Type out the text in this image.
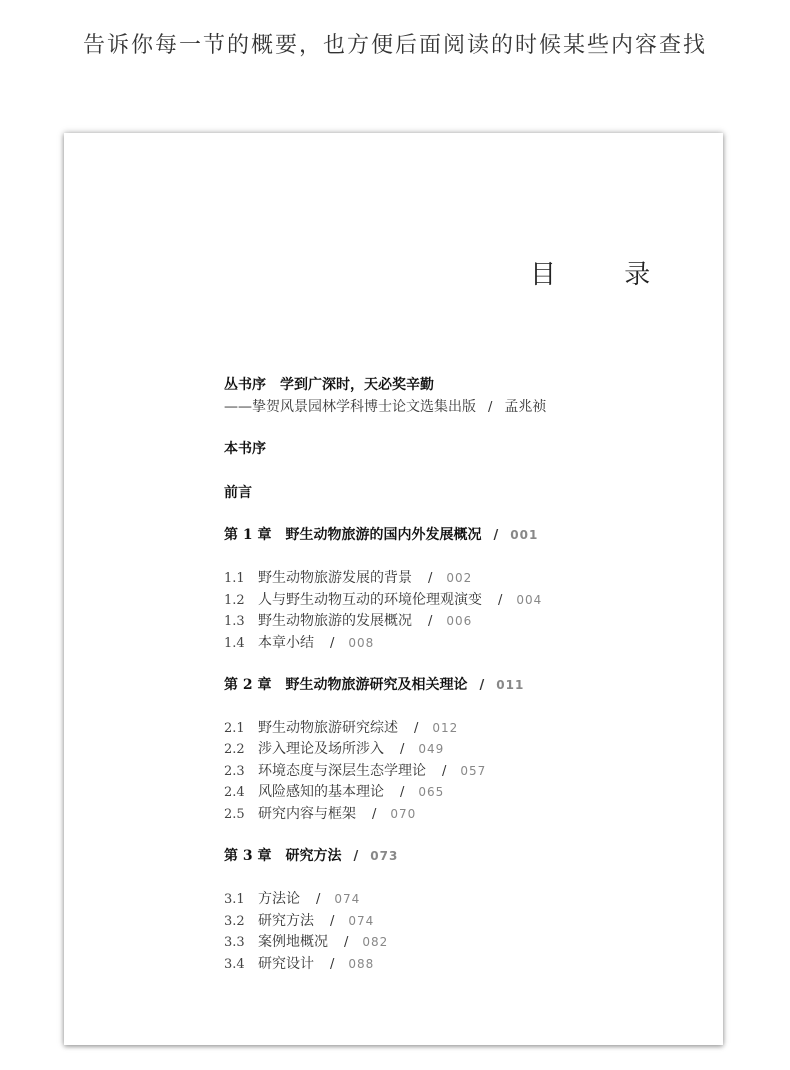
告诉你每一节的概要，也方便后面阅读的时候某些内容查找
目 录
丛书序　学到广深时，天必奖辛勤
——挚贺风景园林学科博士论文选集出版 / 孟兆祯
本书序
前言
第 1 章 野生动物旅游的国内外发展概况 / 001
1.1 野生动物旅游发展的背景 / 002
1.2 人与野生动物互动的环境伦理观演变 / 004
1.3 野生动物旅游的发展概况 / 006
1.4 本章小结 / 008
第 2 章 野生动物旅游研究及相关理论 / 011
2.1 野生动物旅游研究综述 / 012
2.2 涉入理论及场所涉入 / 049
2.3 环境态度与深层生态学理论 / 057
2.4 风险感知的基本理论 / 065
2.5 研究内容与框架 / 070
第 3 章 研究方法 / 073
3.1 方法论 / 074
3.2 研究方法 / 074
3.3 案例地概况 / 082
3.4 研究设计 / 088
